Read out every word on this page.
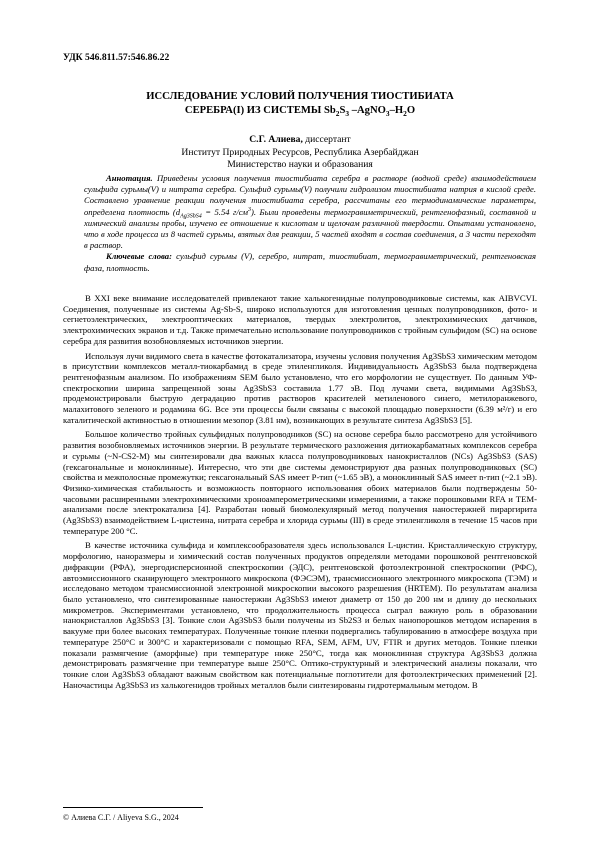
УДК 546.811.57:546.86.22

ИССЛЕДОВАНИЕ УСЛОВИЙ ПОЛУЧЕНИЯ ТИОСТИБИАТА
СЕРЕБРА(I) ИЗ СИСТЕМЫ Sb2S3 –AgNO3–H2O

С.Г. Алиева, диссертант

Институт Природных Ресурсов, Республика Азербайджан

Министерство науки и образования

Аннотация. Приведены условия получения тиостибиата серебра в растворе (водной среде) взаимодействием сульфида сурьмы(V) и нитрата серебра. Сульфид сурьмы(V) получили гидролизом тиостибиата натрия в кислой среде. Составлено уравнение реакции получения тиостибиата серебра, рассчитаны его термодинамические параметры, определена плотность (dAg3SbS4 = 5.54 г/см3). Были проведены термогравиметрический, рентгенофазный, составной и химический анализы пробы, изучено ее отношение к кислотам и щелочам различной твердости. Опытами установлено, что в ходе процесса из 8 частей сурьмы, взятых для реакции, 5 частей входят в состав соединения, а 3 части переходят в раствор.

Ключевые слова: сульфид сурьмы (V), серебро, нитрат, тиостибиат, термогравиметрический, рентгеновская фаза, плотность.

В XXI веке внимание исследователей привлекают такие халькогенидные полупроводниковые системы, как AIBVCVI. Соединения, полученные из системы Ag-Sb-S, широко используются для изготовления ценных полупроводников, фото- и сегнетоэлектрических, электрооптических материалов, твердых электролитов, электрохимических датчиков, электрохимических экранов и т.д. Также примечательно использование полупроводников с тройным сульфидом (SC) на основе серебра для развития возобновляемых источников энергии.

Используя лучи видимого света в качестве фотокатализатора, изучены условия получения Ag3SbS3 химическим методом в присутствии комплексов металл-тиокарбамид в среде этиленгликоля. Индивидуальность Ag3SbS3 была подтверждена рентгенофазным анализом. По изображениям SEM было установлено, что его морфологии не существует. По данным УФ-спектроскопии ширина запрещенной зоны Ag3SbS3 составила 1.77 эВ. Под лучами света, видимыми Ag3SbS3, продемонстрировали быструю деградацию против растворов красителей метиленового синего, метилоранжевого, малахитового зеленого и родамина 6G. Все эти процессы были связаны с высокой площадью поверхности (6.39 м²/г) и его каталитической активностью в отношении мезопор (3.81 нм), возникающих в результате синтеза Ag3SbS3 [5].

Большое количество тройных сульфидных полупроводников (SC) на основе серебра было рассмотрено для устойчивого развития возобновляемых источников энергии. В результате термического разложения дитиокарбаматных комплексов серебра и сурьмы (~N-CS2-M) мы синтезировали два важных класса полупроводниковых нанокристаллов (NCs) Ag3SbS3 (SAS) (гексагональные и моноклинные). Интересно, что эти две системы демонстрируют два разных полупроводниковых (SC) свойства и межполосные промежутки; гексагональный SAS имеет P-тип (~1.65 эВ), а моноклинный SAS имеет n-тип (~2.1 эВ). Физико-химическая стабильность и возможность повторного использования обоих материалов были подтверждены 50-часовыми расширенными электрохимическими хроноамперометрическими измерениями, а также порошковыми RFA и TEM-анализами после электрокатализа [4]. Разработан новый биомолекулярный метод получения наностержней пираргирита (Ag3SbS3) взаимодействием L-цистеина, нитрата серебра и хлорида сурьмы (III) в среде этиленгликоля в течение 15 часов при температуре 200 °C.

В качестве источника сульфида и комплексообразователя здесь использовался L-цистин. Кристаллическую структуру, морфологию, наноразмеры и химический состав полученных продуктов определяли методами порошковой рентгеновской дифракции (РФА), энергодисперсионной спектроскопии (ЭДС), рентгеновской фотоэлектронной спектроскопии (РФС), автоэмиссионного сканирующего электронного микроскопа (ФЭСЭМ), трансмиссионного электронного микроскопа (ТЭМ) и исследовано методом трансмиссионной электронной микроскопии высокого разрешения (HRTEM). По результатам анализа было установлено, что синтезированные наностержни Ag3SbS3 имеют диаметр от 150 до 200 нм и длину до нескольких микрометров. Экспериментами установлено, что продолжительность процесса сыграл важную роль в образовании нанокристаллов Ag3SbS3 [3]. Тонкие слои Ag3SbS3 были получены из Sb2S3 и белых нанопорошков методом испарения в вакууме при более высоких температурах. Полученные тонкие пленки подвергались табулированию в атмосфере воздуха при температуре 250°C и 300°C и характеризовали с помощью RFA, SEM, AFM, UV, FTIR и других методов. Тонкие пленки показали размягчение (аморфные) при температуре ниже 250°C, тогда как моноклинная структура Ag3SbS3 должна демонстрировать размягчение при температуре выше 250°C. Оптико-структурный и электрический анализы показали, что тонкие слои Ag3SbS3 обладают важным свойством как потенциальные поглотители для фотоэлектрических применений [2]. Наночастицы Ag3SbS3 из халькогенидов тройных металлов были синтезированы гидротермальным методом. В

© Алиева С.Г. / Aliyeva S.G., 2024
